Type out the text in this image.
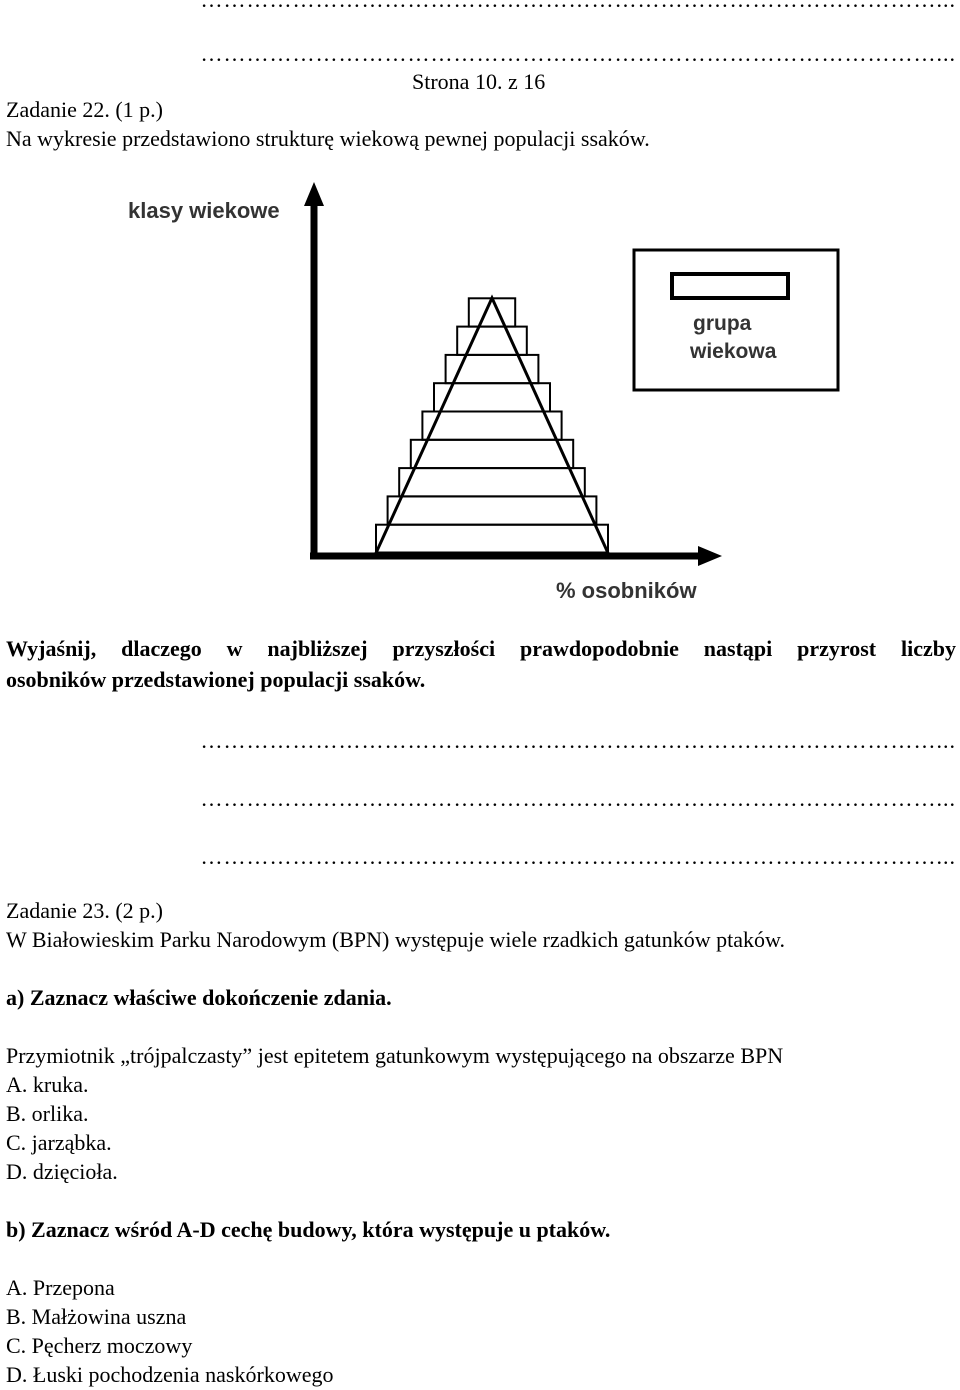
……………………………………………………………………………………...
Strona 10. z 16
Zadanie 22. (1 p.)
Na wykresie przedstawiono strukturę wiekową pewnej populacji ssaków.
klasy wiekowe
% osobników
grupa
wiekowa
Wyjaśnij, dlaczego w najbliższej przyszłości prawdopodobnie nastąpi przyrost liczby
osobników przedstawionej populacji ssaków.
……………………………………………………………………………………...
……………………………………………………………………………………...
……………………………………………………………………………………...
Zadanie 23. (2 p.)
W Białowieskim Parku Narodowym (BPN) występuje wiele rzadkich gatunków ptaków.
a) Zaznacz właściwe dokończenie zdania.
Przymiotnik „trójpalczasty” jest epitetem gatunkowym występującego na obszarze BPN
A. kruka.
B. orlika.
C. jarząbka.
D. dzięcioła.
b) Zaznacz wśród A-D cechę budowy, która występuje u ptaków.
A. Przepona
B. Małżowina uszna
C. Pęcherz moczowy
D. Łuski pochodzenia naskórkowego
